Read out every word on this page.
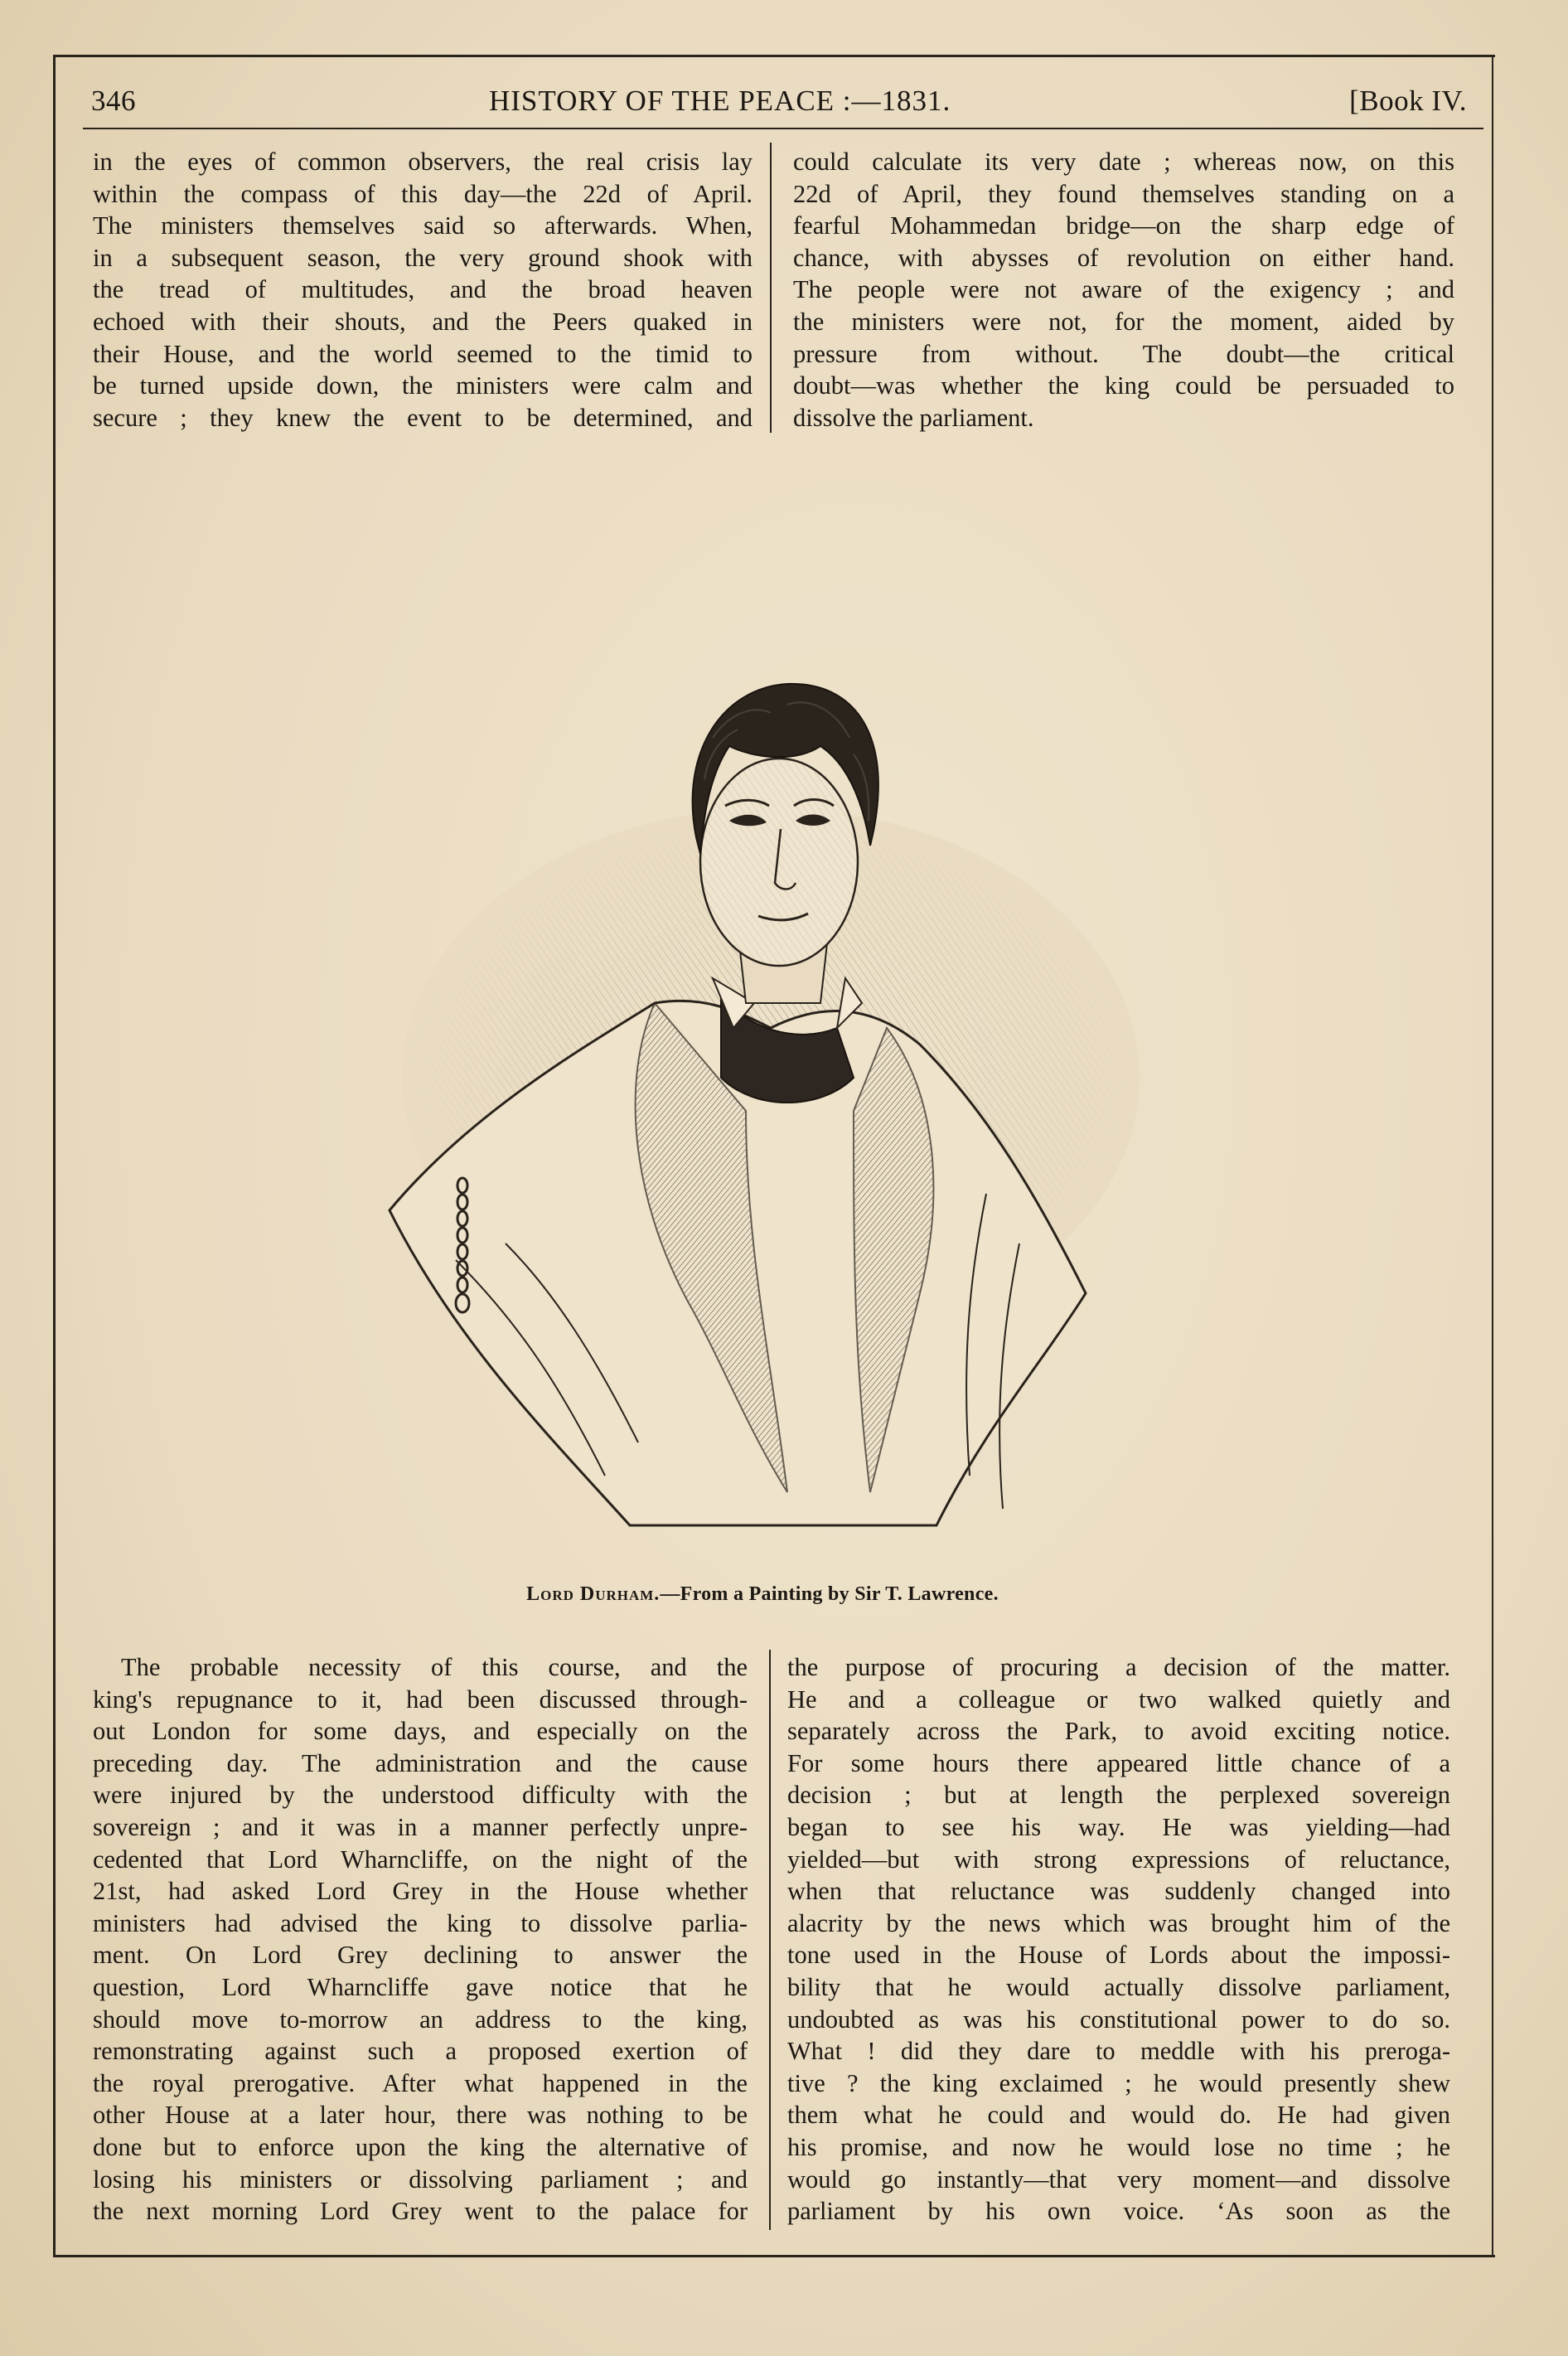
346	HISTORY OF THE PEACE :—1831.	[Book IV.

in the eyes of common observers, the real crisis lay
within the compass of this day—the 22d of April.
The ministers themselves said so afterwards. When,
in a subsequent season, the very ground shook with
the tread of multitudes, and the broad heaven
echoed with their shouts, and the Peers quaked in
their House, and the world seemed to the timid to
be turned upside down, the ministers were calm and
secure ; they knew the event to be determined, and

could calculate its very date ; whereas now, on this
22d of April, they found themselves standing on a
fearful Mohammedan bridge—on the sharp edge of
chance, with abysses of revolution on either hand.
The people were not aware of the exigency ; and
the ministers were not, for the moment, aided by
pressure from without. The doubt—the critical
doubt—was whether the king could be persuaded to
dissolve the parliament.

Lord Durham.—From a Painting by Sir T. Lawrence.

The probable necessity of this course, and the
king's repugnance to it, had been discussed through-
out London for some days, and especially on the
preceding day. The administration and the cause
were injured by the understood difficulty with the
sovereign ; and it was in a manner perfectly unpre-
cedented that Lord Wharncliffe, on the night of the
21st, had asked Lord Grey in the House whether
ministers had advised the king to dissolve parlia-
ment. On Lord Grey declining to answer the
question, Lord Wharncliffe gave notice that he
should move to-morrow an address to the king,
remonstrating against such a proposed exertion of
the royal prerogative. After what happened in the
other House at a later hour, there was nothing to be
done but to enforce upon the king the alternative of
losing his ministers or dissolving parliament ; and
the next morning Lord Grey went to the palace for

the purpose of procuring a decision of the matter.
He and a colleague or two walked quietly and
separately across the Park, to avoid exciting notice.
For some hours there appeared little chance of a
decision ; but at length the perplexed sovereign
began to see his way. He was yielding—had
yielded—but with strong expressions of reluctance,
when that reluctance was suddenly changed into
alacrity by the news which was brought him of the
tone used in the House of Lords about the impossi-
bility that he would actually dissolve parliament,
undoubted as was his constitutional power to do so.
What ! did they dare to meddle with his preroga-
tive ? the king exclaimed ; he would presently shew
them what he could and would do. He had given
his promise, and now he would lose no time ; he
would go instantly—that very moment—and dissolve
parliament by his own voice. ‘As soon as the
